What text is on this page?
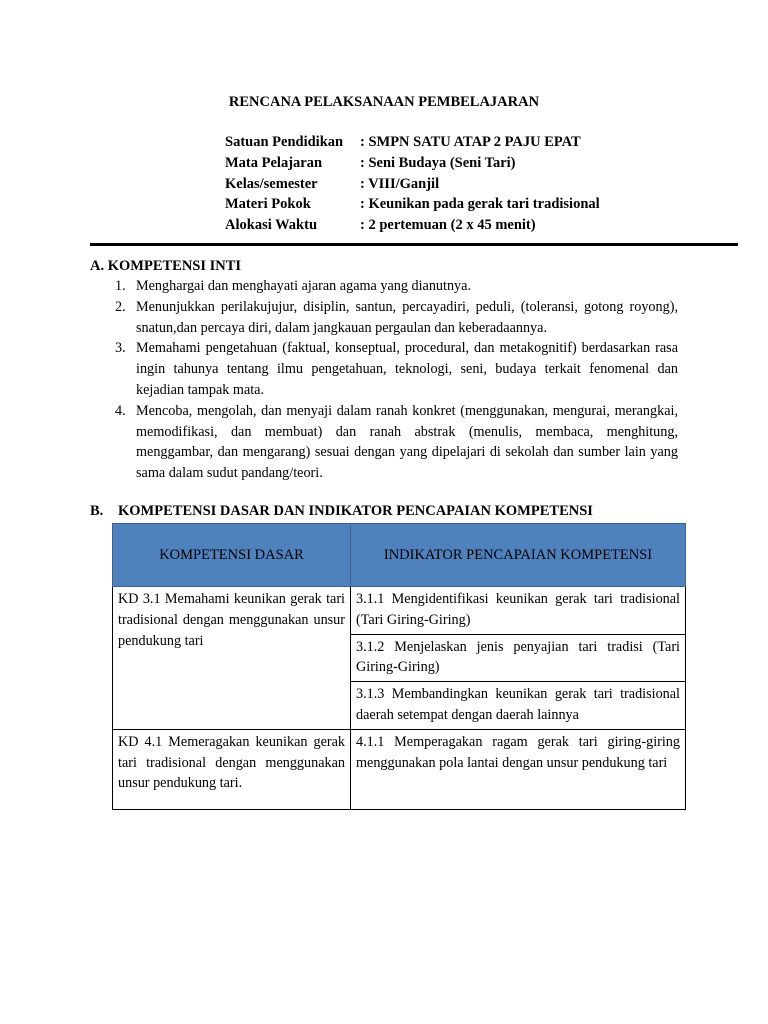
RENCANA PELAKSANAAN PEMBELAJARAN
Satuan Pendidikan	: SMPN SATU ATAP 2 PAJU EPAT
Mata Pelajaran	: Seni Budaya (Seni Tari)
Kelas/semester	: VIII/Ganjil
Materi Pokok	: Keunikan pada gerak tari tradisional
Alokasi Waktu	: 2 pertemuan (2 x 45 menit)
A. KOMPETENSI INTI
1. Menghargai dan menghayati ajaran agama yang dianutnya.
2. Menunjukkan perilakujujur, disiplin, santun, percayadiri, peduli, (toleransi, gotong royong), snatun,dan percaya diri, dalam jangkauan pergaulan dan keberadaannya.
3. Memahami pengetahuan (faktual, konseptual, procedural, dan metakognitif) berdasarkan rasa ingin tahunya tentang ilmu pengetahuan, teknologi, seni, budaya terkait fenomenal dan kejadian tampak mata.
4. Mencoba, mengolah, dan menyaji dalam ranah konkret (menggunakan, mengurai, merangkai, memodifikasi, dan membuat) dan ranah abstrak (menulis, membaca, menghitung, menggambar, dan mengarang) sesuai dengan yang dipelajari di sekolah dan sumber lain yang sama dalam sudut pandang/teori.
B. KOMPETENSI DASAR DAN INDIKATOR PENCAPAIAN KOMPETENSI
KOMPETENSI DASAR	INDIKATOR PENCAPAIAN KOMPETENSI
KD 3.1 Memahami keunikan gerak tari tradisional dengan menggunakan unsur pendukung tari	3.1.1 Mengidentifikasi keunikan gerak tari tradisional (Tari Giring-Giring)
	3.1.2 Menjelaskan jenis penyajian tari tradisi (Tari Giring-Giring)
	3.1.3 Membandingkan keunikan gerak tari tradisional daerah setempat dengan daerah lainnya
KD 4.1 Memeragakan keunikan gerak tari tradisional dengan menggunakan unsur pendukung tari.	4.1.1 Memperagakan ragam gerak tari giring-giring menggunakan pola lantai dengan unsur pendukung tari
